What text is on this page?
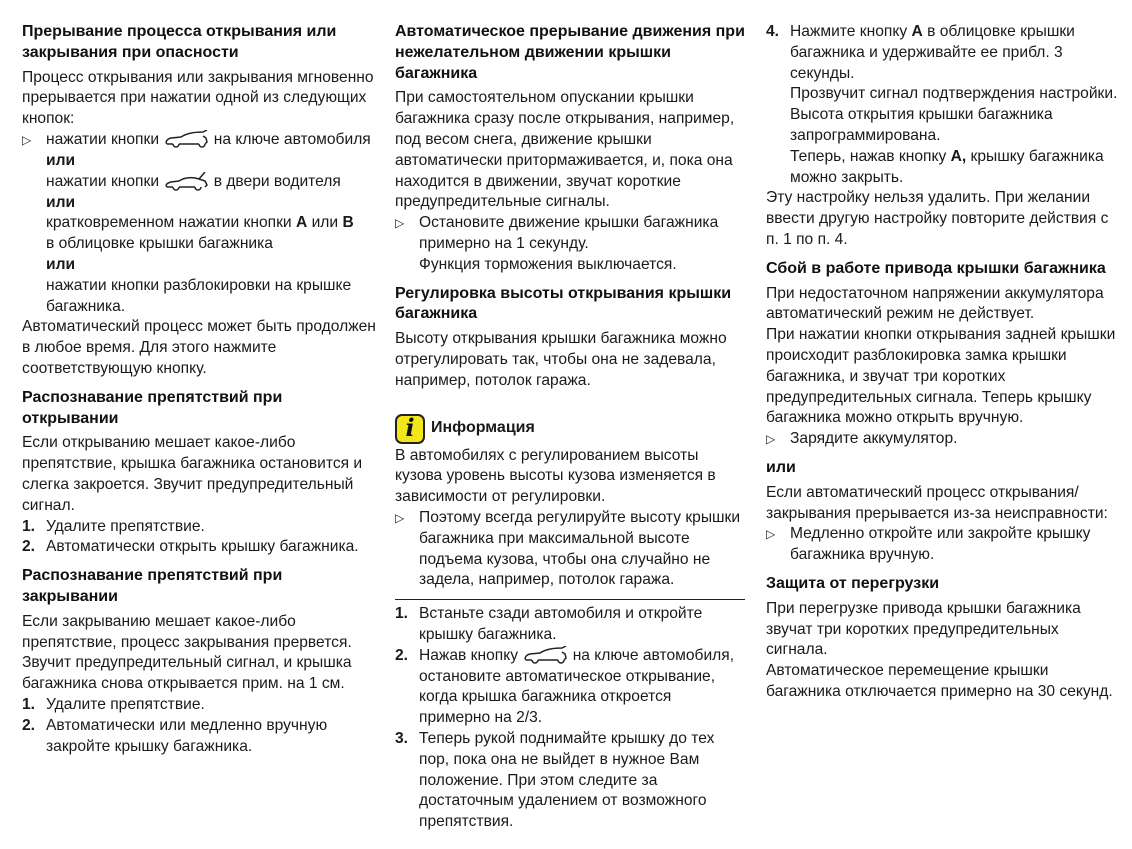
Прерывание процесса открывания или закрывания при опасности

Процесс открывания или закрывания мгновенно прерывается при нажатии одной из следующих кнопок:

▷ нажатии кнопки	на ключе автомобиля
или
нажатии кнопки	в двери водителя
или
кратковременном нажатии кнопки A или B
в облицовке крышки багажника
или
нажатии кнопки разблокировки на крышке багажника.

Автоматический процесс может быть продолжен в любое время. Для этого нажмите соответствующую кнопку.

Распознавание препятствий при открывании

Если открыванию мешает какое-либо препятствие, крышка багажника остановится и слегка закроется. Звучит предупредительный сигнал.

1. Удалите препятствие.
2. Автоматически открыть крышку багажника.
Распознавание препятствий при закрывании

Если закрыванию мешает какое-либо препятствие, процесс закрывания прервется. Звучит предупредительный сигнал, и крышка багажника снова открывается прим. на 1 см.

1. Удалите препятствие.
2. Автоматически или медленно вручную закройте крышку багажника.
Автоматическое прерывание движения при нежелательном движении крышки багажника

При самостоятельном опускании крышки багажника сразу после открывания, например, под весом снега, движение крышки автоматически притормаживается, и, пока она находится в движении, звучат короткие предупредительные сигналы.

▷ Остановите движение крышки багажника примерно на 1 секунду.
Функция торможения выключается.
Регулировка высоты открывания крышки багажника

Высоту открывания крышки багажника можно отрегулировать так, чтобы она не задевала, например, потолок гаража.

i	Информация

В автомобилях с регулированием высоты кузова уровень высоты кузова изменяется в зависимости от регулировки.

▷ Поэтому всегда регулируйте высоту крышки багажника при максимальной высоте подъема кузова, чтобы она случайно не задела, например, потолок гаража.
1. Встаньте сзади автомобиля и откройте крышку багажника.
2. Нажав кнопку	на ключе автомобиля, остановите автоматическое открывание, когда крышка багажника откроется примерно на 2/3.
3. Теперь рукой поднимайте крышку до тех пор, пока она не выйдет в нужное Вам положение. При этом следите за достаточным удалением от возможного препятствия.
4. Нажмите кнопку A в облицовке крышки багажника и удерживайте ее прибл. 3 секунды.
Прозвучит сигнал подтверждения настройки.
Высота открытия крышки багажника запрограммирована.
Теперь, нажав кнопку A, крышку багажника можно закрыть.

Эту настройку нельзя удалить. При желании ввести другую настройку повторите действия с п. 1 по п. 4.

Сбой в работе привода крышки багажника

При недостаточном напряжении аккумулятора автоматический режим не действует.

При нажатии кнопки открывания задней крышки происходит разблокировка замка крышки багажника, и звучат три коротких предупредительных сигнала. Теперь крышку багажника можно открыть вручную.

▷ Зарядите аккумулятор.
или

Если автоматический процесс открывания/ закрывания прерывается из-за неисправности:

▷ Медленно откройте или закройте крышку багажника вручную.
Защита от перегрузки

При перегрузке привода крышки багажника звучат три коротких предупредительных сигнала.

Автоматическое перемещение крышки багажника отключается примерно на 30 секунд.
